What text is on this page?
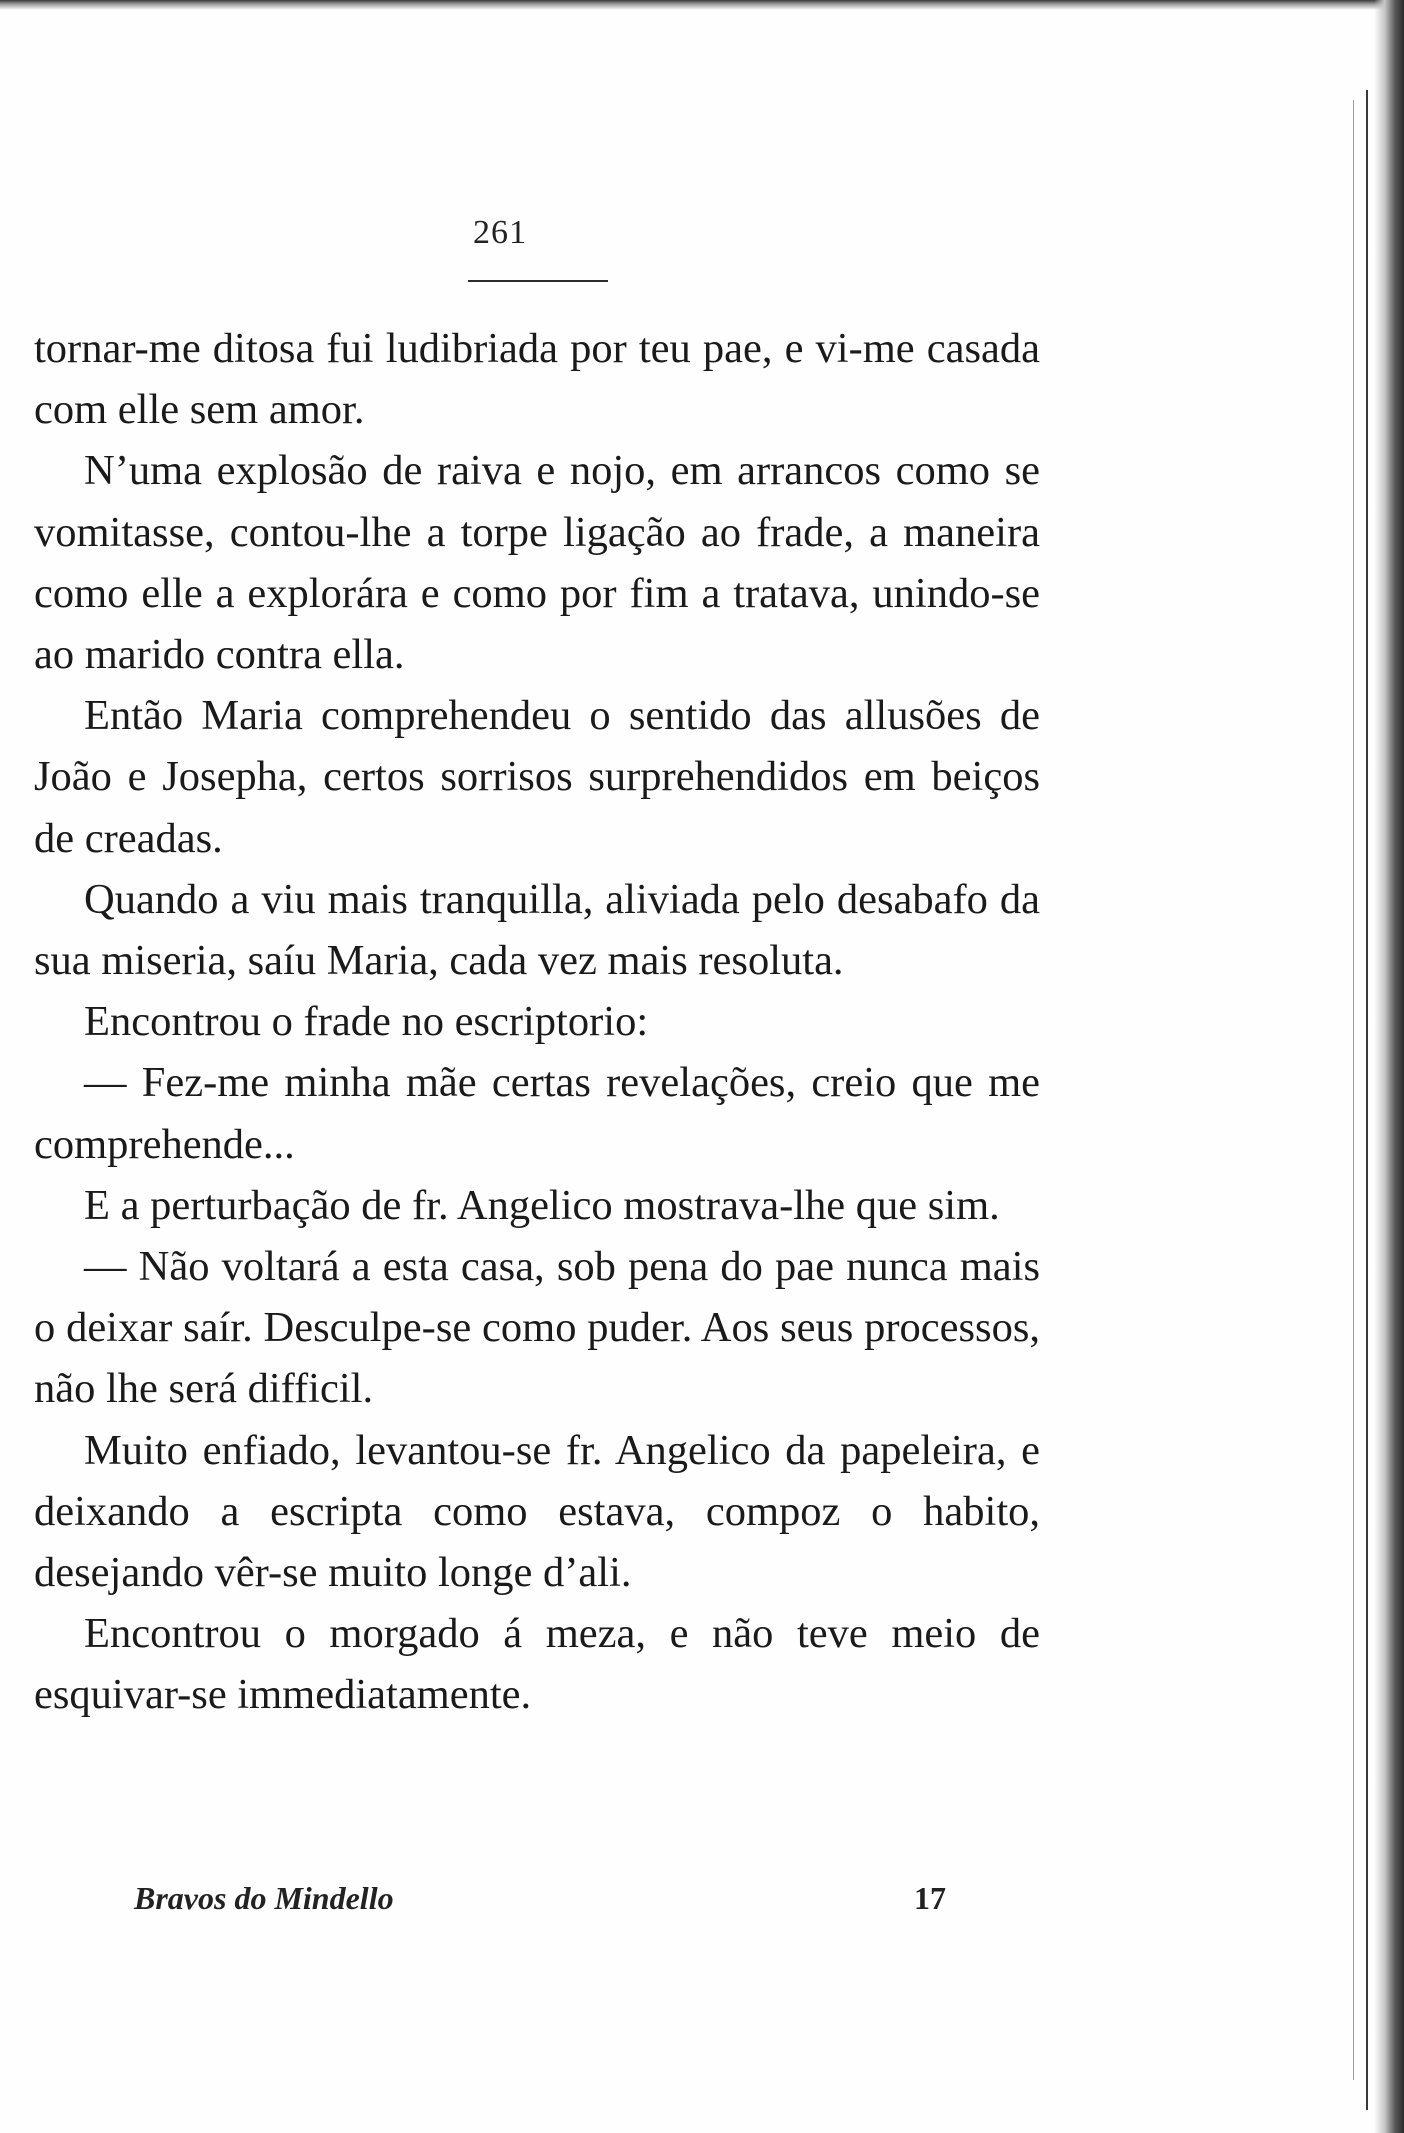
261

tornar-me ditosa fui ludibriada por teu pae, e vi-me casada com elle sem amor.

N’uma explosão de raiva e nojo, em arrancos como se vomitasse, contou-lhe a torpe ligação ao frade, a maneira como elle a explorára e como por fim a tratava, unindo-se ao marido contra ella.

Então Maria comprehendeu o sentido das allusões de João e Josepha, certos sorrisos surprehendidos em beiços de creadas.

Quando a viu mais tranquilla, aliviada pelo desabafo da sua miseria, saíu Maria, cada vez mais resoluta.

Encontrou o frade no escriptorio:

— Fez-me minha mãe certas revelações, creio que me comprehende...

E a perturbação de fr. Angelico mostrava-lhe que sim.

— Não voltará a esta casa, sob pena do pae nunca mais o deixar saír. Desculpe-se como puder. Aos seus processos, não lhe será difficil.

Muito enfiado, levantou-se fr. Angelico da papeleira, e deixando a escripta como estava, compoz o habito, desejando vêr-se muito longe d’ali.

Encontrou o morgado á meza, e não teve meio de esquivar-se immediatamente.

Bravos do Mindello	17
